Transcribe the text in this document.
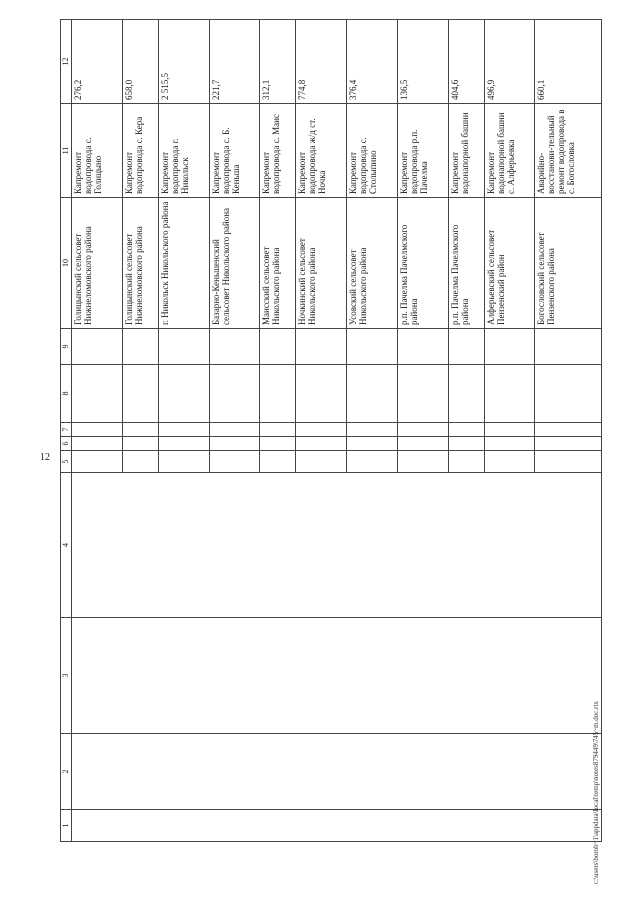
12
1	2	3	4	5	6	7	8	9	10	11	12
									Голицынский сельсовет Нижнеломовского района	Капремонт водопровода с. Голицыно	276,2
									Голицынский сельсовет Нижнеломовского района	Капремонт водопровода с. Кера	658,0
									г. Никольск Никольского района	Капремонт водопровода г. Никольск	2 515,5
									Базарно-Кеньшенский сельсовет Никольского района	Капремонт водопровода с. Б. Кеньша	221,7
									Маисский сельсовет Никольского района	Капремонт водопровода с. Маис	312,1
									Ночкинский сельсовет Никольского района	Капремонт водопровода ж/д ст. Ночка	774,8
									Усовский сельсовет Никольского района	Капремонт водопровода с. Столыпино	376,4
									р.п. Пачелма Пачелмского района	Капремонт водопровода р.п. Пачелма	136,5
									р.п. Пачелма Пачелмского района	Капремонт водонапорной башни	404,6
									Алферьевский сельсовет Пензенский район	Капремонт водонапорной башни с. Алферьевка	496,9
									Богословский сельсовет Пензенского района	Аварийно-восстанови-тельный ремонт водопровода в с. Богословка	660,1
c:\users\borob~1\appdata\local\temp\notes879449\745~m.doc.rtx
